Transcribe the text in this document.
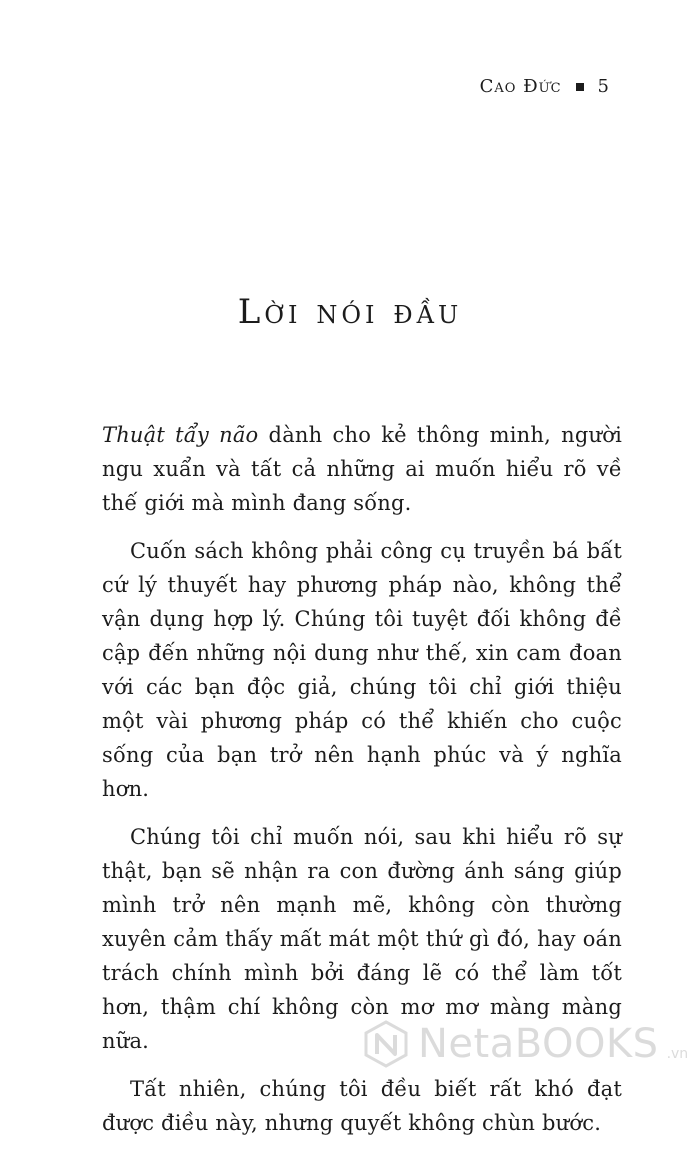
Cao Đức 5
Lời nói đầu

Thuật tẩy não dành cho kẻ thông minh, người ngu xuẩn và tất cả những ai muốn hiểu rõ về thế giới mà mình đang sống.

Cuốn sách không phải công cụ truyền bá bất cứ lý thuyết hay phương pháp nào, không thể vận dụng hợp lý. Chúng tôi tuyệt đối không đề cập đến những nội dung như thế, xin cam đoan với các bạn độc giả, chúng tôi chỉ giới thiệu một vài phương pháp có thể khiến cho cuộc sống của bạn trở nên hạnh phúc và ý nghĩa hơn.

Chúng tôi chỉ muốn nói, sau khi hiểu rõ sự thật, bạn sẽ nhận ra con đường ánh sáng giúp mình trở nên mạnh mẽ, không còn thường xuyên cảm thấy mất mát một thứ gì đó, hay oán trách chính mình bởi đáng lẽ có thể làm tốt hơn, thậm chí không còn mơ mơ màng màng nữa.

Tất nhiên, chúng tôi đều biết rất khó đạt được điều này, nhưng quyết không chùn bước.

NetaBOOKS .vn
